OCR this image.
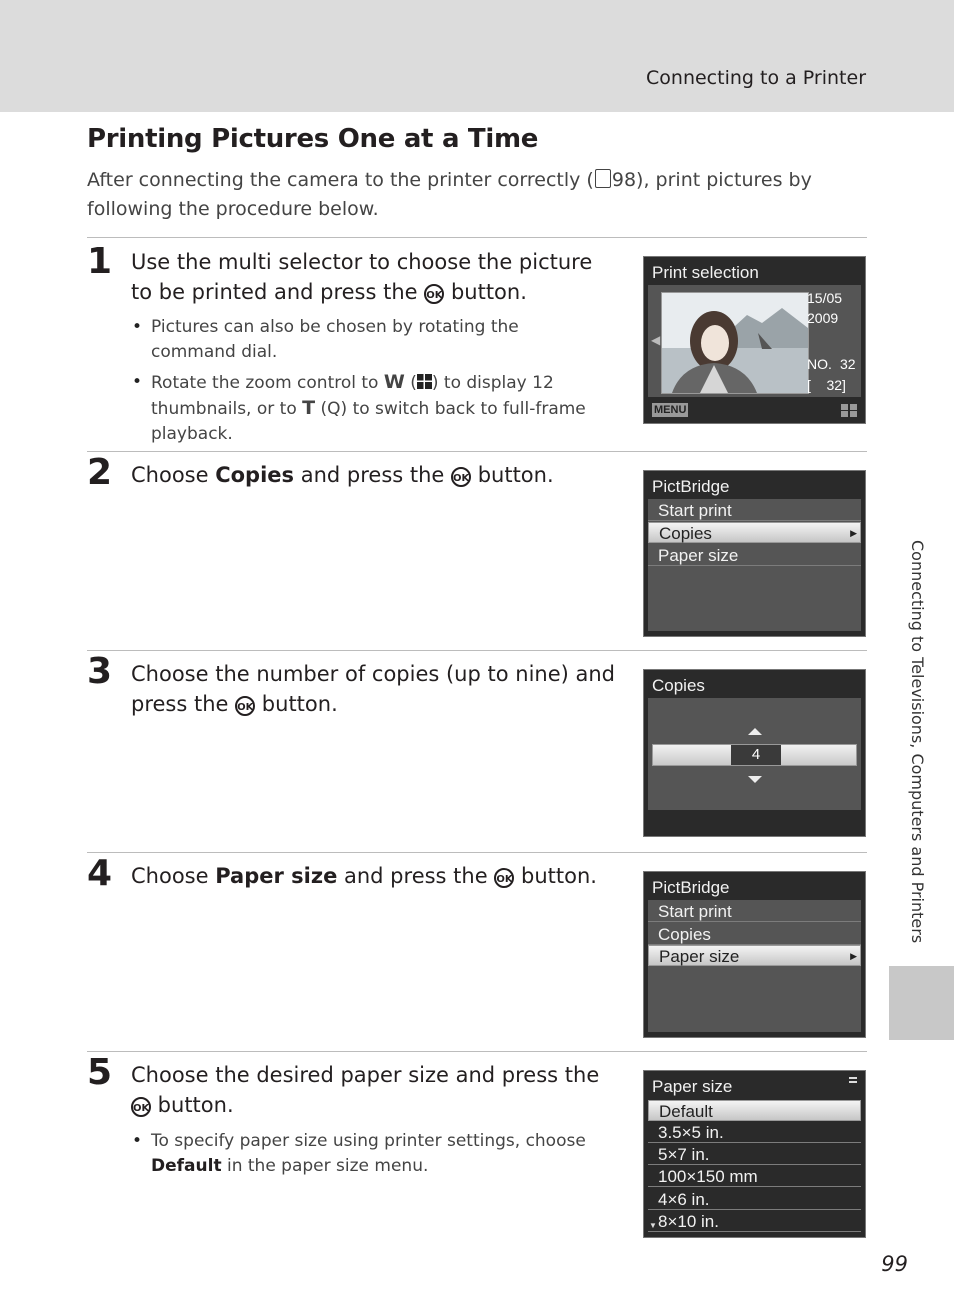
Connecting to a Printer
Connecting to Televisions, Computers and Printers
99
Printing Pictures One at a Time
After connecting the camera to the printer correctly ( 98), print pictures by following the procedure below.
1 Use the multi selector to choose the picture to be printed and press the OK button.
• Pictures can also be chosen by rotating the command dial.
• Rotate the zoom control to W ( ) to display 12 thumbnails, or to T (Q) to switch back to full-frame playback.
Print selection
◀
15/05
2009
NO. 32
[    32]
MENU
2 Choose Copies and press the OK button.	PictBridge
Start print
Copies	▶
Paper size
3 Choose the number of copies (up to nine) and press the OK button.
Copies
4
4 Choose Paper size and press the OK button.	PictBridge
Start print
Copies
Paper size	▶
5 Choose the desired paper size and press the OK button.
• To specify paper size using printer settings, choose Default in the paper size menu.
Paper size
Default
3.5×5 in.
5×7 in.
100×150 mm
4×6 in.
8×10 in.
▼
